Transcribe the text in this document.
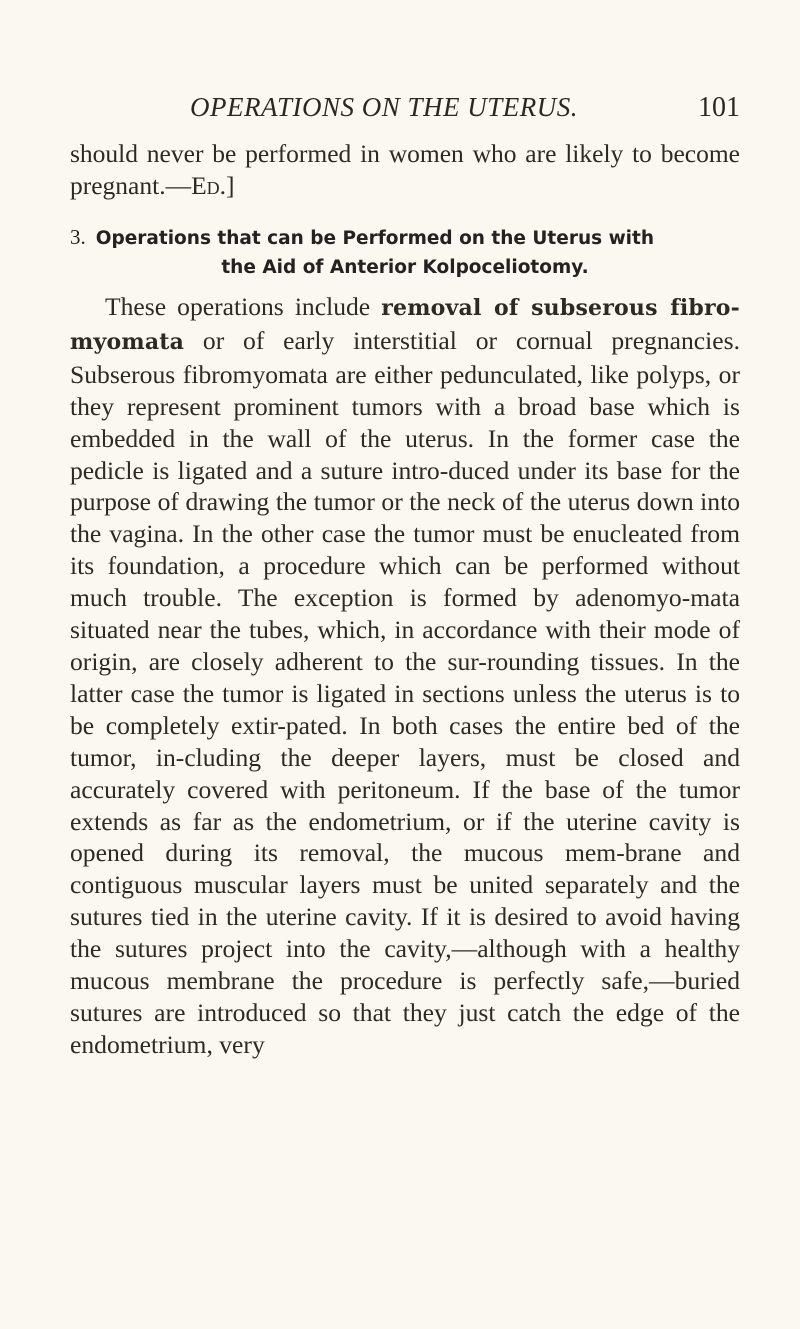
OPERATIONS ON THE UTERUS.	101
should never be performed in women who are likely to become pregnant.—Ed.]
3. Operations that can be Performed on the Uterus with
the Aid of Anterior Kolpoceliotomy.

These operations include removal of subserous fibro-myomata or of early interstitial or cornual pregnancies. Subserous fibromyomata are either pedunculated, like polyps, or they represent prominent tumors with a broad base which is embedded in the wall of the uterus. In the former case the pedicle is ligated and a suture intro-duced under its base for the purpose of drawing the tumor or the neck of the uterus down into the vagina. In the other case the tumor must be enucleated from its foundation, a procedure which can be performed without much trouble. The exception is formed by adenomyo-mata situated near the tubes, which, in accordance with their mode of origin, are closely adherent to the sur-rounding tissues. In the latter case the tumor is ligated in sections unless the uterus is to be completely extir-pated. In both cases the entire bed of the tumor, in-cluding the deeper layers, must be closed and accurately covered with peritoneum. If the base of the tumor extends as far as the endometrium, or if the uterine cavity is opened during its removal, the mucous mem-brane and contiguous muscular layers must be united separately and the sutures tied in the uterine cavity. If it is desired to avoid having the sutures project into the cavity,—although with a healthy mucous membrane the procedure is perfectly safe,—buried sutures are introduced so that they just catch the edge of the endometrium, very
